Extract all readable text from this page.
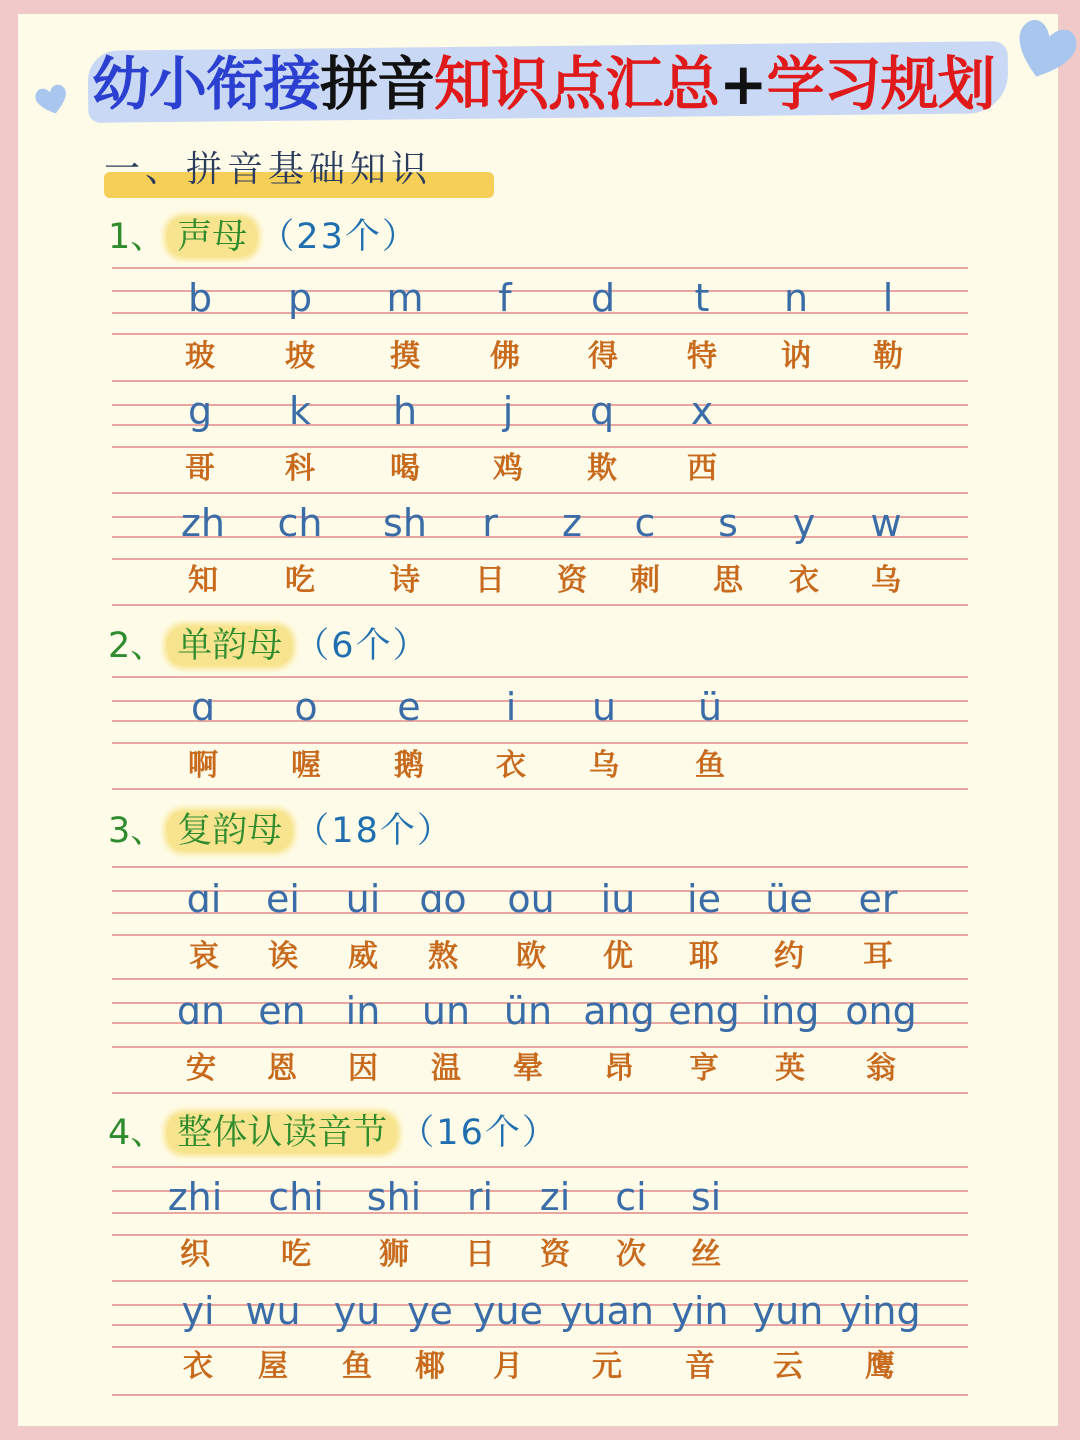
幼小衔接拼音知识点汇总+学习规划
一、拼音基础知识
1、 声母 （23个）
b p m f d t n l
玻 坡	摸 佛 得 特 讷 勒
g k h j q x
哥 科	喝 鸡 欺 西
zh ch sh r z c s y w
知 吃	诗 日 资 刺 思 衣 乌
2、 单韵母 （6个）
ɑ o e i u ü
啊 喔 鹅 衣 乌	鱼
3、 复韵母 （18个）
ɑi ei ui ɑo ou iu ie üe er
哀 诶 威 熬 欧 优 耶 约 耳
ɑn en in un ün ang eng ing ong
安 恩 因 温 晕 昂 亨 英 翁
4、 整体认读音节 （16个）
zhi chi shi ri zi ci si
织 吃 狮 日 资 次 丝
yi wu yu ye yue yuan yin yun ying
衣 屋 鱼 椰 月 元 音 云 鹰
